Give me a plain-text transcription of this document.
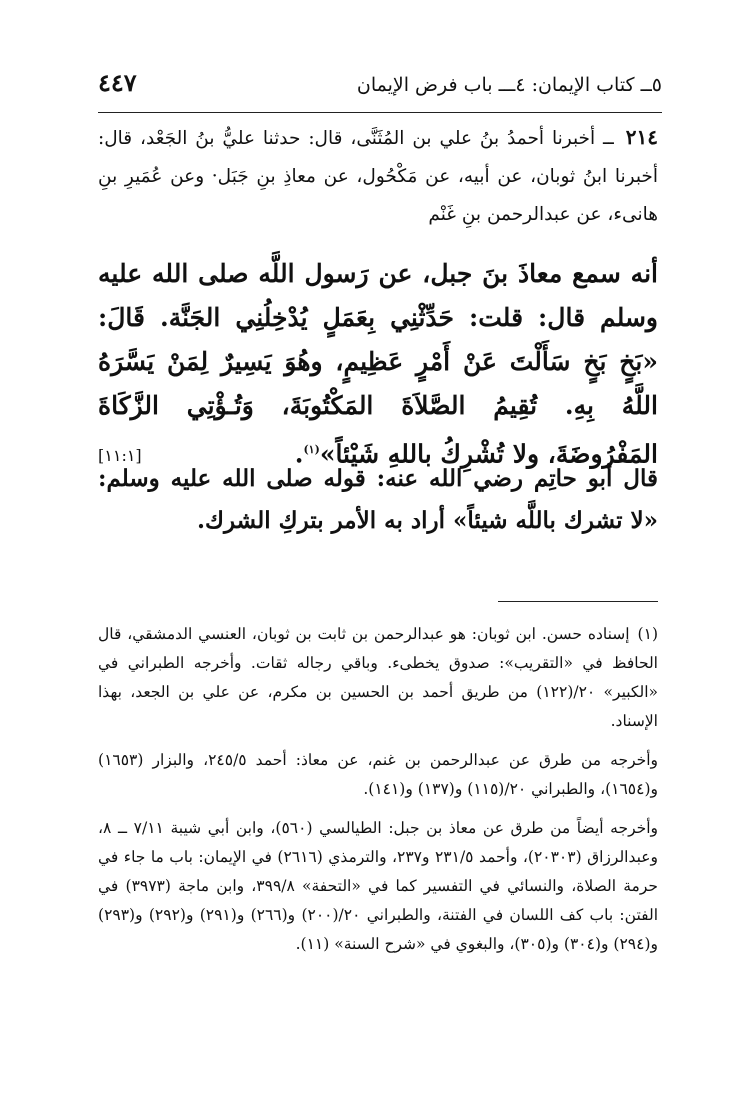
٥ــ كتاب الإيمان: ٤ـــ باب فرض الإيمان
٤٤٧
٢١٤ ــ أخبرنا أحمدُ بنُ علي بن المُثَنَّى، قال: حدثنا عليُّ بنُ الجَعْد، قال: أخبرنا ابنُ ثوبان، عن أبيه، عن مَكْحُول، عن معاذِ بنِ جَبَل· وعن عُمَيرِ بنِ هانىء، عن عبدالرحمن بنِ غَنْم
أنه سمع معاذَ بنَ جبل، عن رَسول اللَّه صلى الله عليه وسلم قال: قلت: حَدِّثْنِي بِعَمَلٍ يُدْخِلُنِي الجَنَّة. قَالَ: «بَخٍ بَخٍ سَأَلْتَ عَنْ أَمْرٍ عَظِيمٍ، وهُوَ يَسِيرٌ لِمَنْ يَسَّرَهُ اللَّهُ بِهِ. تُقِيمُ الصَّلاَةَ المَكْتُوبَةَ، وَتُـؤْتِي الزَّكَاةَ المَفْرُوضَةَ، ولا تُشْرِكُ باللهِ شَيْئاً»$^{(١)}$.
[١١:١]
قال أبو حاتِم رضي الله عنه: قوله صلى الله عليه وسلم: «لا تشرك باللَّه شيئاً» أراد به الأمر بتركِ الشرك.

(١)إسناده حسن. ابن ثوبان: هو عبدالرحمن بن ثابت بن ثوبان، العنسي الدمشقي، قال الحافظ في «التقريب»: صدوق يخطىء. وباقي رجاله ثقات. وأخرجه الطبراني في «الكبير» ٢٠/(١٢٢) من طريق أحمد بن الحسين بن مكرم، عن علي بن الجعد، بهذا الإسناد.

وأخرجه من طرق عن عبدالرحمن بن غنم، عن معاذ: أحمد ٢٤٥/٥، والبزار (١٦٥٣) و(١٦٥٤)، والطبراني ٢٠/(١١٥) و(١٣٧) و(١٤١).

وأخرجه أيضاً من طرق عن معاذ بن جبل: الطيالسي (٥٦٠)، وابن أبي شيبة ٧/١١ ــ ٨، وعبدالرزاق (٢٠٣٠٣)، وأحمد ٢٣١/٥ و٢٣٧، والترمذي (٢٦١٦) في الإيمان: باب ما جاء في حرمة الصلاة، والنسائي في التفسير كما في «التحفة» ٣٩٩/٨، وابن ماجة (٣٩٧٣) في الفتن: باب كف اللسان في الفتنة، والطبراني ٢٠/(٢٠٠) و(٢٦٦) و(٢٩١) و(٢٩٢) و(٢٩٣) و(٢٩٤) و(٣٠٤) و(٣٠٥)، والبغوي في «شرح السنة» (١١).
